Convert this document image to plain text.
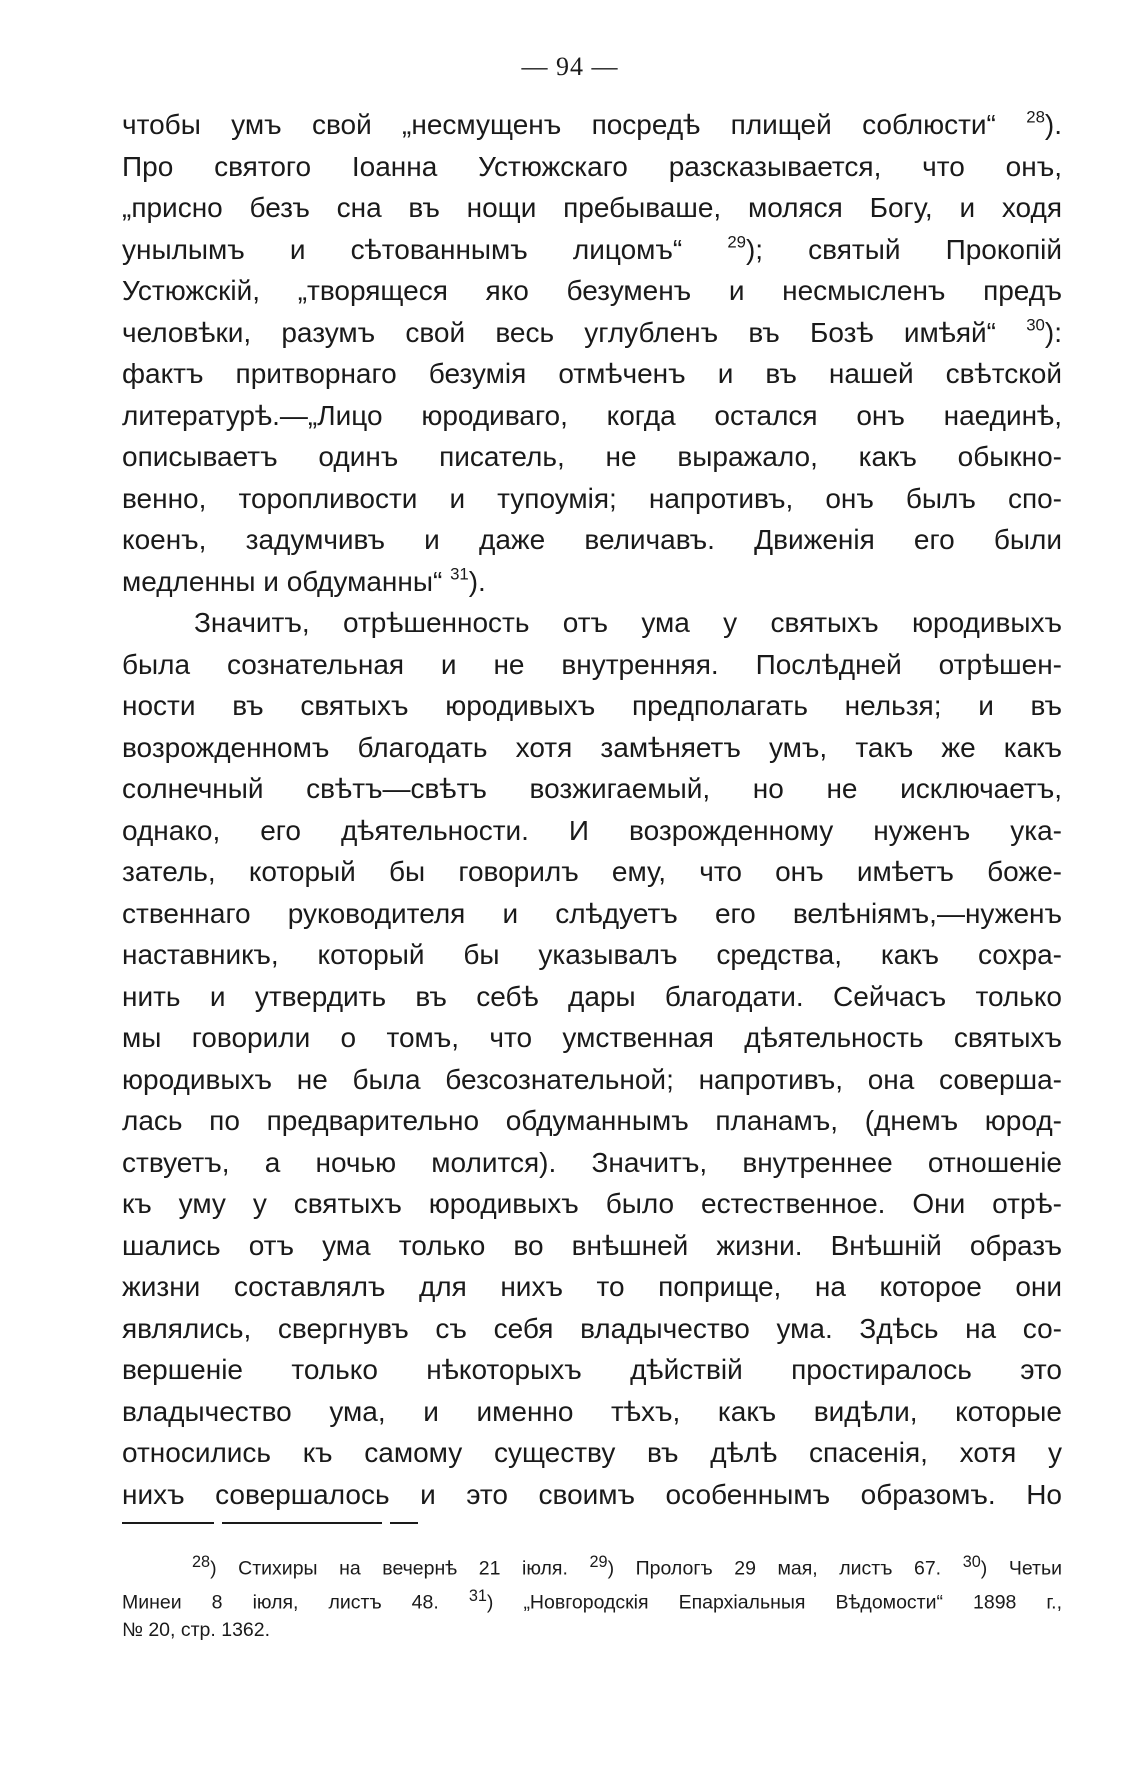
— 94 —
чтобы умъ свой „несмущенъ посредѣ плищей соблюсти“ $^{28}$).
Про святого Іоанна Устюжскаго разсказывается, что онъ,
„присно безъ сна въ нощи пребываше, моляся Богу, и ходя
унылымъ и сѣтованнымъ лицомъ“	$^{29}$); святый Прокопій
Устюжскій, „творящеся яко безуменъ и несмысленъ предъ
человѣки, разумъ свой весь углубленъ въ Бозѣ имѣяй“ $^{30}$):
фактъ притворнаго безумія отмѣченъ и въ нашей свѣтской
литературѣ.—„Лицо юродиваго, когда остался онъ наединѣ,
описываетъ одинъ писатель, не выражало, какъ обыкно-
венно, торопливости и тупоумія; напротивъ, онъ былъ спо-
коенъ, задумчивъ и даже величавъ. Движенія его были
медленны и обдуманны“ $^{31}$).
Значитъ, отрѣшенность отъ ума у святыхъ юродивыхъ
была сознательная и не внутренняя. Послѣдней отрѣшен-
ности въ святыхъ юродивыхъ предполагать нельзя; и въ
возрожденномъ благодать хотя замѣняетъ умъ, такъ же какъ
солнечный свѣтъ—свѣтъ возжигаемый, но не исключаетъ,
однако, его дѣятельности. И возрожденному нуженъ ука-
затель, который бы говорилъ ему, что онъ имѣетъ боже-
ственнаго руководителя и слѣдуетъ его велѣніямъ,—нуженъ
наставникъ, который бы указывалъ средства, какъ сохра-
нить и утвердить въ себѣ дары благодати. Сейчасъ только
мы говорили о томъ, что умственная дѣятельность святыхъ
юродивыхъ не была безсознательной; напротивъ, она соверша-
лась по предварительно обдуманнымъ планамъ, (днемъ юрод-
ствуетъ, а ночью молится). Значитъ, внутреннее отношеніе
къ уму у святыхъ юродивыхъ было естественное. Они отрѣ-
шались отъ ума только во внѣшней жизни. Внѣшній образъ
жизни составлялъ для нихъ то поприще, на которое они
являлись, свергнувъ съ себя владычество ума. Здѣсь на со-
вершеніе только нѣкоторыхъ дѣйствій простиралось это
владычество ума, и именно тѣхъ, какъ видѣли, которые
относились къ самому существу въ дѣлѣ спасенія, хотя у
нихъ совершалось и это своимъ особеннымъ образомъ. Но
$^{28}$) Стихиры на вечернѣ 21 іюля. $^{29}$) Прологъ 29 мая, листъ 67. $^{30}$) Четьи
Минеи 8 іюля, листъ 48. $^{31}$) „Новгородскія Епархіальныя Вѣдомости“ 1898 г.,
№ 20, стр. 1362.
